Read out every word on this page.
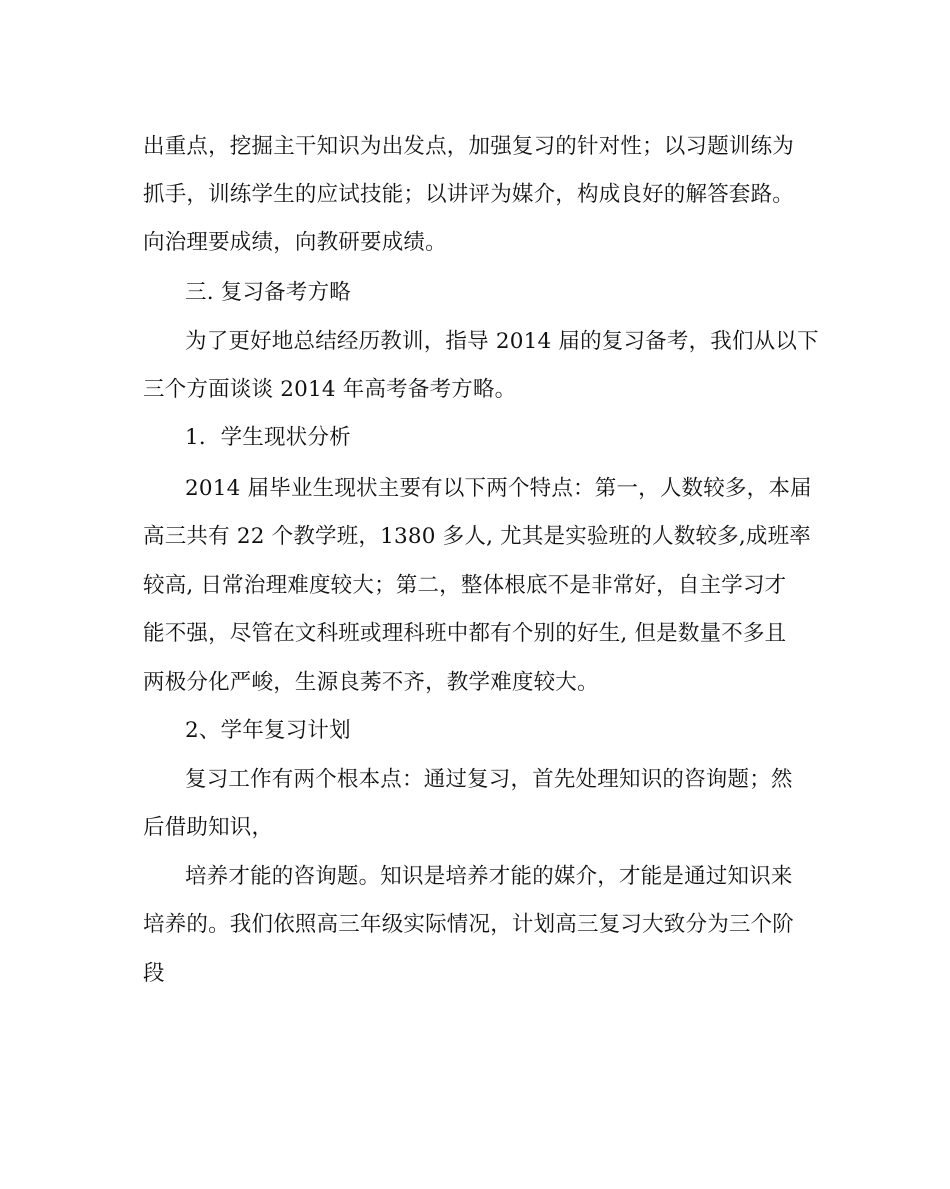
出重点，挖掘主干知识为出发点，加强复习的针对性；以习题训练为
抓手，训练学生的应试技能；以讲评为媒介，构成良好的解答套路。
向治理要成绩，向教研要成绩。
三. 复习备考方略
为了更好地总结经历教训，指导 2014 届的复习备考，我们从以下
三个方面谈谈 2014 年高考备考方略。
1．学生现状分析
2014 届毕业生现状主要有以下两个特点：第一，人数较多，本届
高三共有 22 个教学班，1380 多人, 尤其是实验班的人数较多,成班率
较高, 日常治理难度较大；第二，整体根底不是非常好，自主学习才
能不强，尽管在文科班或理科班中都有个别的好生, 但是数量不多且
两极分化严峻，生源良莠不齐，教学难度较大。
2、学年复习计划
复习工作有两个根本点：通过复习，首先处理知识的咨询题；然
后借助知识，
培养才能的咨询题。知识是培养才能的媒介，才能是通过知识来
培养的。我们依照高三年级实际情况，计划高三复习大致分为三个阶
段
